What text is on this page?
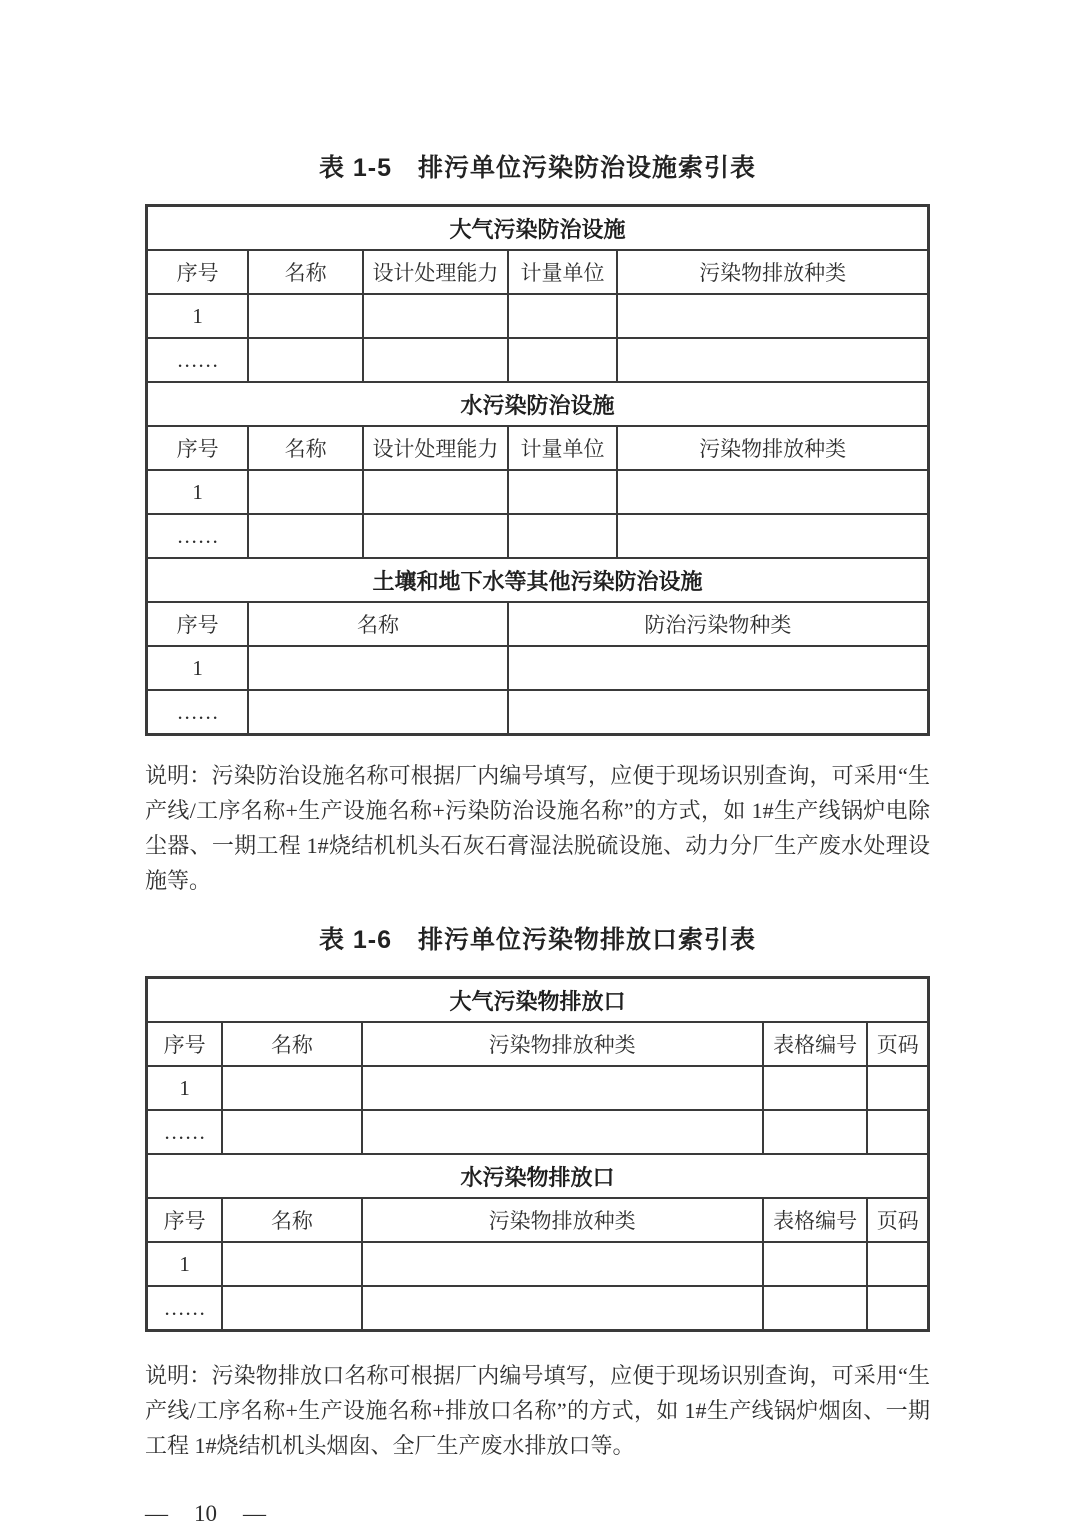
表 1-5　排污单位污染防治设施索引表
大气污染防治设施				
序号	名称	设计处理能力	计量单位	污染物排放种类
1				
……				
水污染防治设施				
序号	名称	设计处理能力	计量单位	污染物排放种类
1				
……				
土壤和地下水等其他污染防治设施				
序号	名称		防治污染物种类	
1				
……				

说明：污染防治设施名称可根据厂内编号填写，应便于现场识别查询，可采用“生产线/工序名称+生产设施名称+污染防治设施名称”的方式，如 1#生产线锅炉电除尘器、一期工程 1#烧结机机头石灰石膏湿法脱硫设施、动力分厂生产废水处理设施等。

表 1-6　排污单位污染物排放口索引表
大气污染物排放口				
序号	名称	污染物排放种类	表格编号	页码
1				
……				
水污染物排放口				
序号	名称	污染物排放种类	表格编号	页码
1				
……				

说明：污染物排放口名称可根据厂内编号填写，应便于现场识别查询，可采用“生产线/工序名称+生产设施名称+排放口名称”的方式，如 1#生产线锅炉烟囱、一期工程 1#烧结机机头烟囱、全厂生产废水排放口等。

— 10 —
